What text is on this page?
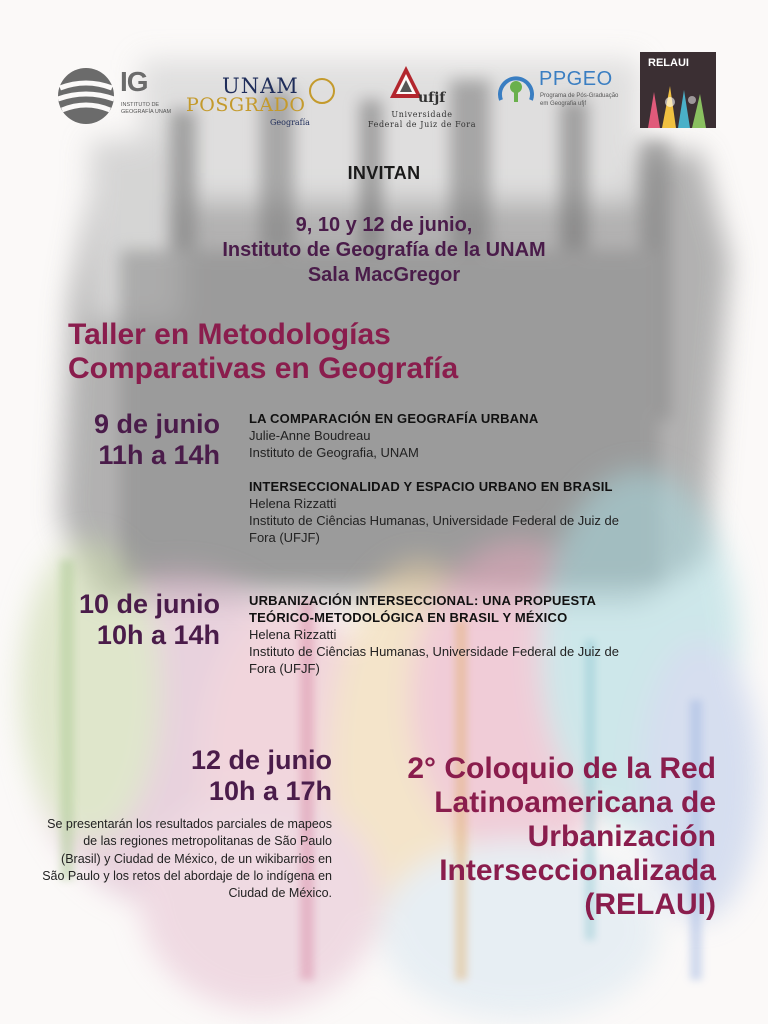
IG
INSTITUTO DE GEOGRAFÍA UNAM
UNAM
POSGRADO
Geografía
ufjf
Universidade
Federal de Juiz de Fora
PPGEO
Programa de Pós-Graduação em Geografia ufjf
RELAUI
INVITAN
9, 10 y 12 de junio,
Instituto de Geografía de la UNAM
Sala MacGregor
Taller en Metodologías
Comparativas en Geografía
9 de junio
11h a 14h
LA COMPARACIÓN EN GEOGRAFÍA URBANA
Julie-Anne Boudreau
Instituto de Geografia, UNAM
INTERSECCIONALIDAD Y ESPACIO URBANO EN BRASIL
Helena Rizzatti
Instituto de Ciências Humanas, Universidade Federal de Juiz de Fora (UFJF)
10 de junio
10h a 14h
URBANIZACIÓN INTERSECCIONAL: UNA PROPUESTA TEÓRICO-METODOLÓGICA EN BRASIL Y MÉXICO
Helena Rizzatti
Instituto de Ciências Humanas, Universidade Federal de Juiz de Fora (UFJF)
12 de junio
10h a 17h
Se presentarán los resultados parciales de mapeos de las regiones metropolitanas de São Paulo (Brasil) y Ciudad de México, de un wikibarrios en São Paulo y los retos del abordaje de lo indígena en Ciudad de México.
2° Coloquio de la Red
Latinoamericana de
Urbanización
Interseccionalizada
(RELAUI)
